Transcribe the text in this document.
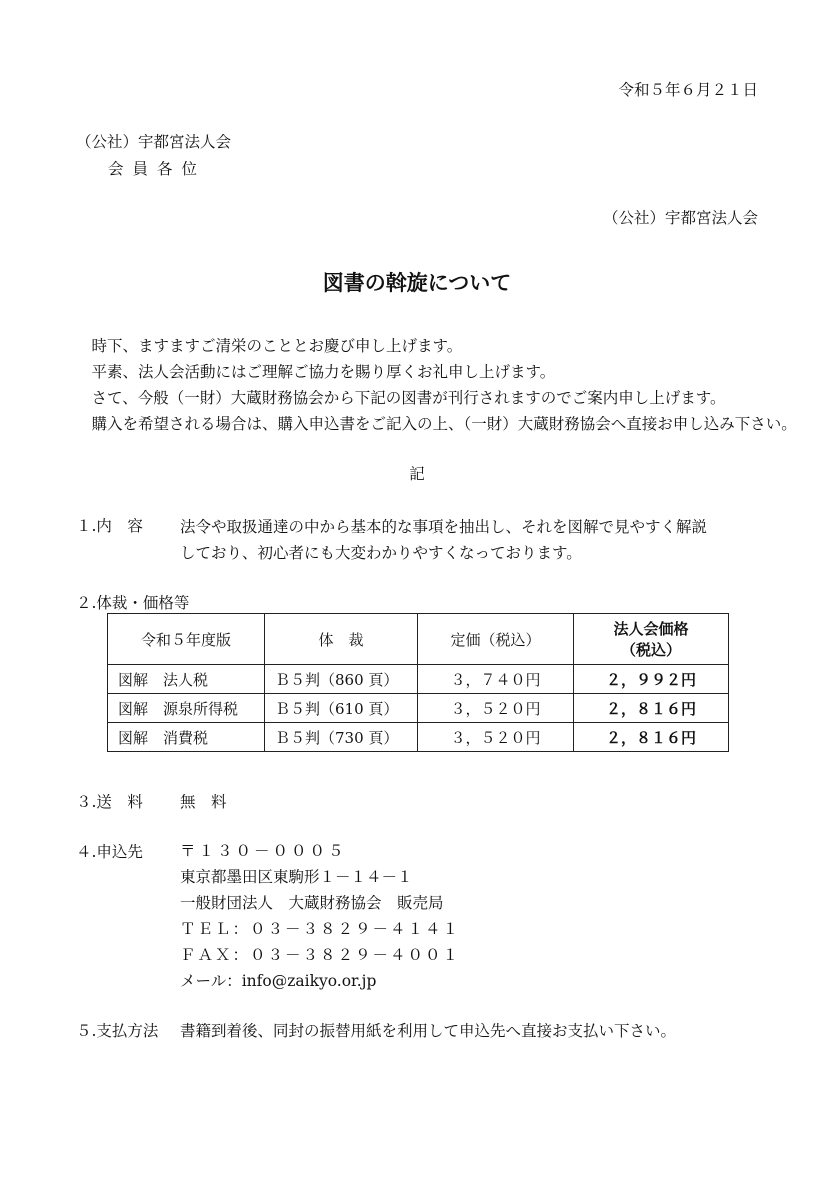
令和５年６月２１日
（公社）宇都宮法人会
会員各位
（公社）宇都宮法人会
図書の斡旋について
　時下、ますますご清栄のこととお慶び申し上げます。
　平素、法人会活動にはご理解ご協力を賜り厚くお礼申し上げます。
　さて、今般（一財）大蔵財務協会から下記の図書が刊行されますのでご案内申し上げます。
　購入を希望される場合は、購入申込書をご記入の上、（一財）大蔵財務協会へ直接お申し込み下さい。
記
１.内　容 法令や取扱通達の中から基本的な事項を抽出し、それを図解で見やすく解説
しており、初心者にも大変わかりやすくなっております。
２.体裁・価格等
令和５年度版	体　裁	定価（税込）	法人会価格
（税込）

図解　法人税	Ｂ５判（860 頁）	３，７４０円	２，９９２円
図解　源泉所得税	Ｂ５判（610 頁）	３，５２０円	２，８１６円
図解　消費税	Ｂ５判（730 頁）	３，５２０円	２，８１６円
３.送　料 無　料
４.申込先 〒１３０－０００５
東京都墨田区東駒形１－１４－１
一般財団法人　大蔵財務協会　販売局
ＴＥＬ：０３－３８２９－４１４１
ＦＡＸ：０３－３８２９－４００１
メール：info@zaikyo.or.jp
５.支払方法 書籍到着後、同封の振替用紙を利用して申込先へ直接お支払い下さい。
